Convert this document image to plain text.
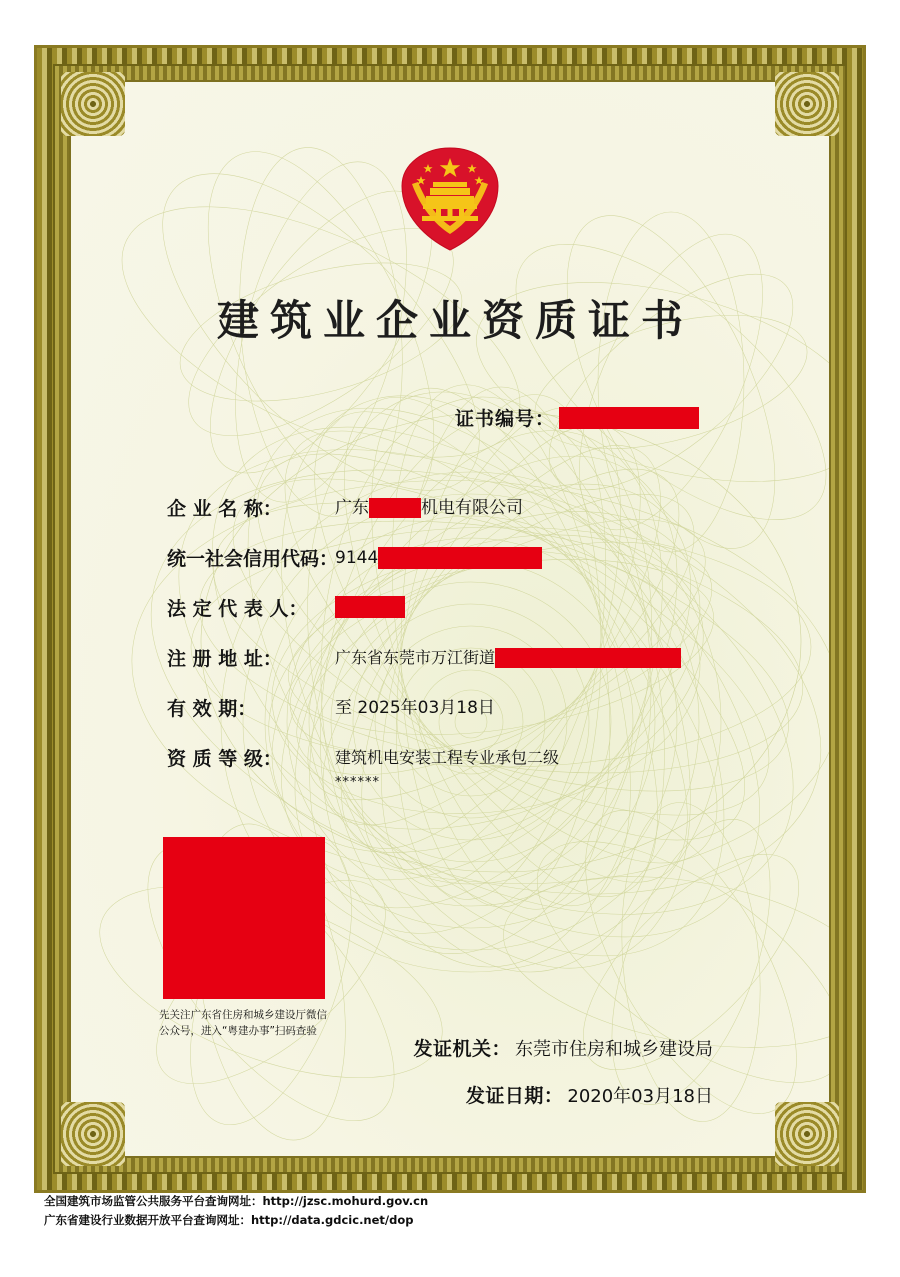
建筑业企业资质证书
证书编号：
企 业 名 称：	广东	机电有限公司
统一社会信用代码：
9144
法 定 代 表 人：
注 册 地 址：	广东省东莞市万江街道
有 效 期：	至 2025年03月18日
资 质 等 级：	建筑机电安装工程专业承包二级
******
先关注广东省住房和城乡建设厅微信
公众号，进入“粤建办事”扫码查验
发证机关： 东莞市住房和城乡建设局
发证日期： 2020年03月18日
全国建筑市场监管公共服务平台查询网址：http://jzsc.mohurd.gov.cn
广东省建设行业数据开放平台查询网址：http://data.gdcic.net/dop
